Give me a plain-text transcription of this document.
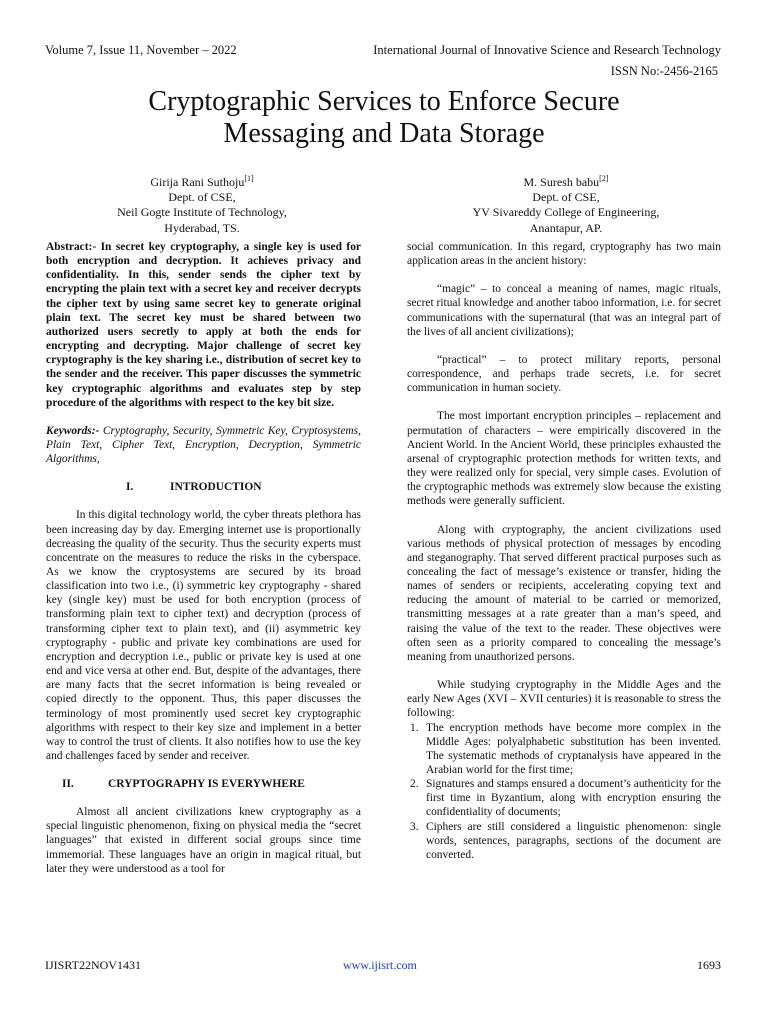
Volume 7, Issue 11, November – 2022	International Journal of Innovative Science and Research Technology
ISSN No:-2456-2165
Cryptographic Services to Enforce Secure
Messaging and Data Storage
Girija Rani Suthoju[1]
Dept. of CSE,
Neil Gogte Institute of Technology,
Hyderabad, TS.
M. Suresh babu[2]
Dept. of CSE,
YV Sivareddy College of Engineering,
Anantapur, AP.

Abstract:- In secret key cryptography, a single key is used for both encryption and decryption. It achieves privacy and confidentiality. In this, sender sends the cipher text by encrypting the plain text with a secret key and receiver decrypts the cipher text by using same secret key to generate original plain text. The secret key must be shared between two authorized users secretly to apply at both the ends for encrypting and decrypting. Major challenge of secret key cryptography is the key sharing i.e., distribution of secret key to the sender and the receiver. This paper discusses the symmetric key cryptographic algorithms and evaluates step by step procedure of the algorithms with respect to the key bit size.

Keywords:- Cryptography, Security, Symmetric Key, Cryptosystems, Plain Text, Cipher Text, Encryption, Decryption, Symmetric Algorithms,

I.	INTRODUCTION

In this digital technology world, the cyber threats plethora has been increasing day by day. Emerging internet use is proportionally decreasing the quality of the security. Thus the security experts must concentrate on the measures to reduce the risks in the cyberspace. As we know the cryptosystems are secured by its broad classification into two i.e., (i) symmetric key cryptography - shared key (single key) must be used for both encryption (process of transforming plain text to cipher text) and decryption (process of transforming cipher text to plain text), and (ii) asymmetric key cryptography - public and private key combinations are used for encryption and decryption i.e., public or private key is used at one end and vice versa at other end. But, despite of the advantages, there are many facts that the secret information is being revealed or copied directly to the opponent. Thus, this paper discusses the terminology of most prominently used secret key cryptographic algorithms with respect to their key size and implement in a better way to control the trust of clients. It also notifies how to use the key and challenges faced by sender and receiver.

II.	CRYPTOGRAPHY IS EVERYWHERE

Almost all ancient civilizations knew cryptography as a special linguistic phenomenon, fixing on physical media the “secret languages” that existed in different social groups since time immemorial. These languages have an origin in magical ritual, but later they were understood as a tool for

social communication. In this regard, cryptography has two main application areas in the ancient history:

“magic” – to conceal a meaning of names, magic rituals, secret ritual knowledge and another taboo information, i.e. for secret communications with the supernatural (that was an integral part of the lives of all ancient civilizations);

“practical” – to protect military reports, personal correspondence, and perhaps trade secrets, i.e. for secret communication in human society.

The most important encryption principles – replacement and permutation of characters – were empirically discovered in the Ancient World. In the Ancient World, these principles exhausted the arsenal of cryptographic protection methods for written texts, and they were realized only for special, very simple cases. Evolution of the cryptographic methods was extremely slow because the existing methods were generally sufficient.

Along with cryptography, the ancient civilizations used various methods of physical protection of messages by encoding and steganography. That served different practical purposes such as concealing the fact of message’s existence or transfer, hiding the names of senders or recipients, accelerating copying text and reducing the amount of material to be carried or memorized, transmitting messages at a rate greater than a man’s speed, and raising the value of the text to the reader. These objectives were often seen as a priority compared to concealing the message’s meaning from unauthorized persons.

While studying cryptography in the Middle Ages and the early New Ages (XVI – XVII centuries) it is reasonable to stress the following:

1. The encryption methods have become more complex in the Middle Ages: polyalphabetic substitution has been invented. The systematic methods of cryptanalysis have appeared in the Arabian world for the first time;
2. Signatures and stamps ensured a document’s authenticity for the first time in Byzantium, along with encryption ensuring the confidentiality of documents;
3. Ciphers are still considered a linguistic phenomenon: single words, sentences, paragraphs, sections of the document are converted.
IJISRT22NOV1431	www.ijisrt.com	1693
